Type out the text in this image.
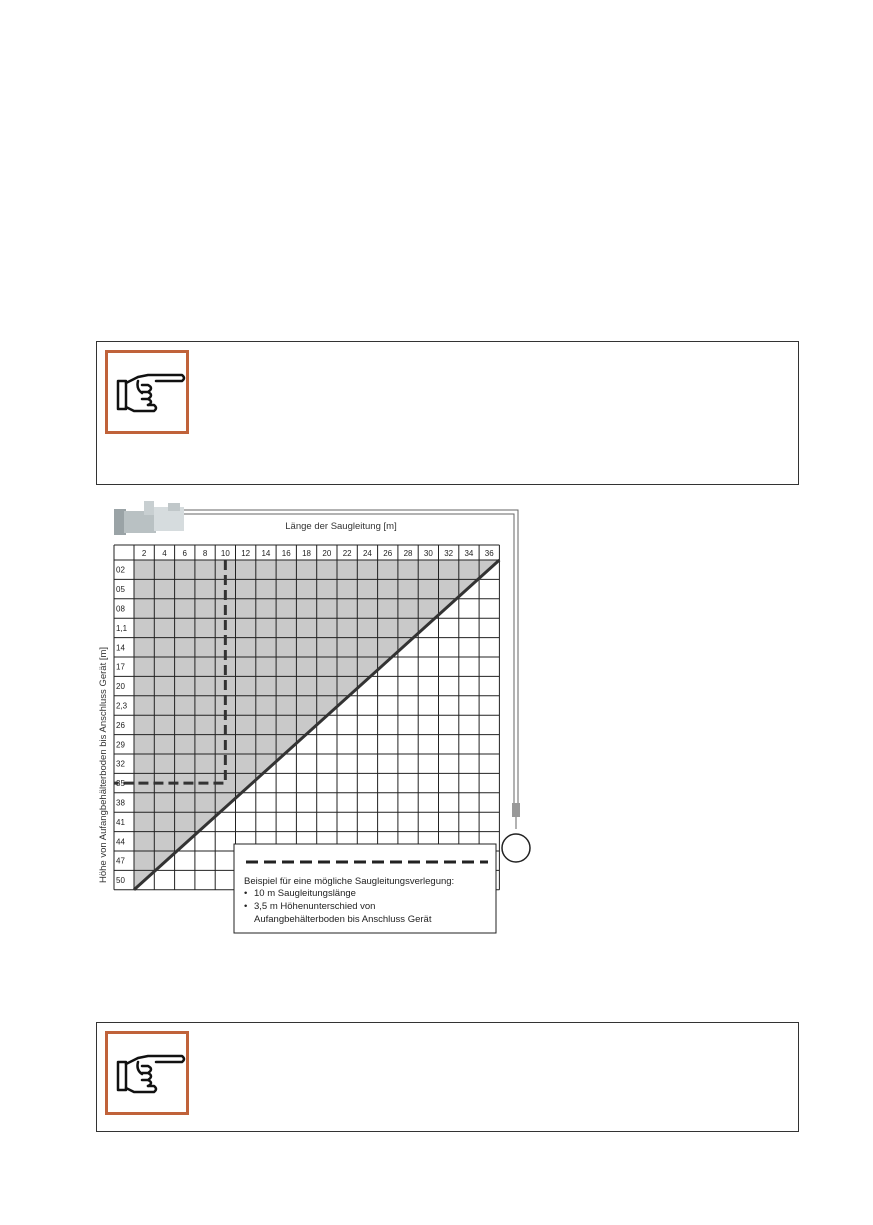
Länge der Saugleitung [m]
Höhe von Aufangbehälterboden bis Anschluss Gerät [m]
2 4 6 8 10 12 14 16 18 20 22 24 26 28 30 32 34 36
02
05
08
1,1
14
17
20
2,3
26
29
32
35
38
41
44
47
50	Beispiel für eine mögliche Saugleitungsverlegung:
• 10 m Saugleitungslänge
• 3,5 m Höhenunterschied von
Aufangbehälterboden bis Anschluss Gerät
